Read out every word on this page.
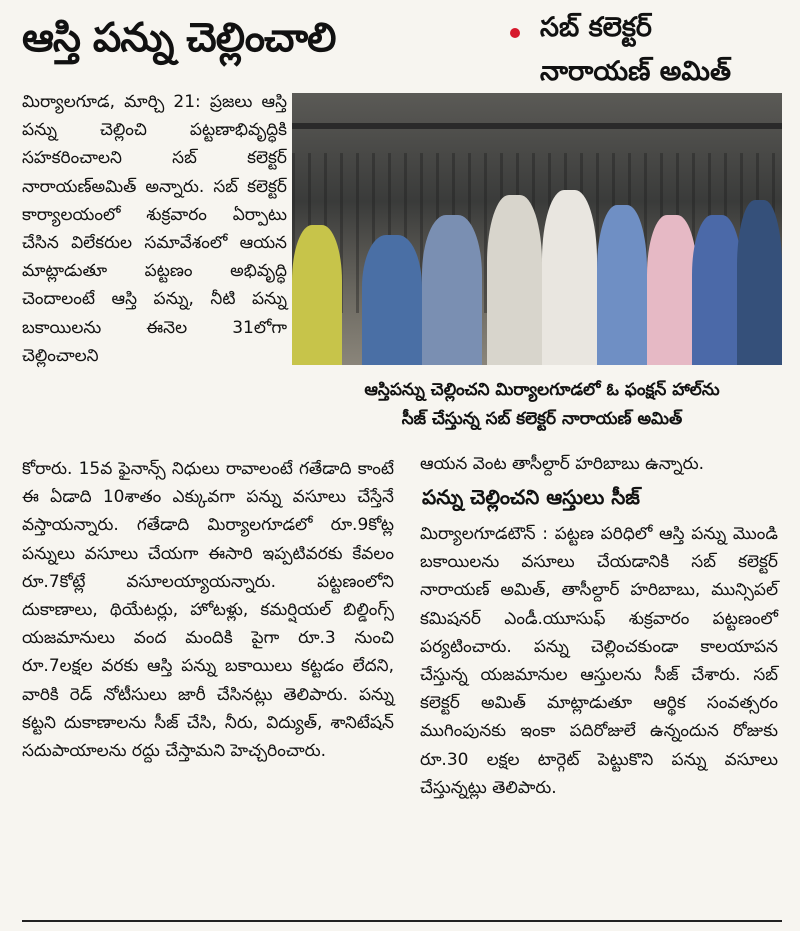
ఆస్తి పన్ను చెల్లించాలి	సబ్ కలెక్టర్
నారాయణ్ అమిత్

మిర్యాలగూడ, మార్చి 21: ప్రజలు ఆస్తి పన్ను చెల్లించి పట్టణాభివృద్ధికి సహకరించాలని సబ్ కలెక్టర్ నారాయణ్‌అమిత్ అన్నారు. సబ్ కలెక్టర్ కార్యాలయంలో శుక్రవారం ఏర్పాటు చేసిన విలేకరుల సమావేశంలో ఆయన మాట్లాడుతూ పట్టణం అభివృద్ధి చెందాలంటే ఆస్తి పన్ను, నీటి పన్ను బకాయిలను ఈనెల 31లోగా చెల్లించాలని

ఆస్తిపన్ను చెల్లించని మిర్యాలగూడలో ఓ ఫంక్షన్ హాల్‌ను
సీజ్ చేస్తున్న సబ్ కలెక్టర్ నారాయణ్ అమిత్

కోరారు. 15వ ఫైనాన్స్ నిధులు రావాలంటే గతేడాది కాంటే ఈ ఏడాది 10శాతం ఎక్కువగా పన్ను వసూలు చేస్తేనే వస్తాయన్నారు. గతేడాది మిర్యాలగూడలో రూ.9కోట్ల పన్నులు వసూలు చేయగా ఈసారి ఇప్పటివరకు కేవలం రూ.7కోట్లే వసూలయ్యాయన్నారు. పట్టణంలోని దుకాణాలు, థియేటర్లు, హోటళ్లు, కమర్షియల్ బిల్డింగ్స్ యజమానులు వంద మందికి పైగా రూ.3 నుంచి రూ.7లక్షల వరకు ఆస్తి పన్ను బకాయిలు కట్టడం లేదని, వారికి రెడ్ నోటీసులు జారీ చేసినట్లు తెలిపారు. పన్ను కట్టని దుకాణాలను సీజ్ చేసి, నీరు, విద్యుత్, శానిటేషన్ సదుపాయాలను రద్దు చేస్తామని హెచ్చరించారు.

ఆయన వెంట తాసీల్దార్ హరిబాబు ఉన్నారు.

పన్ను చెల్లించని ఆస్తులు సీజ్

మిర్యాలగూడటౌన్ : పట్టణ పరిధిలో ఆస్తి పన్ను మొండి బకాయిలను వసూలు చేయడానికి సబ్ కలెక్టర్ నారాయణ్ అమిత్, తాసీల్దార్ హరిబాబు, మున్సిపల్ కమిషనర్ ఎండీ.యూసుఫ్ శుక్రవారం పట్టణంలో పర్యటించారు. పన్ను చెల్లించకుండా కాలయాపన చేస్తున్న యజమానుల ఆస్తులను సీజ్ చేశారు. సబ్ కలెక్టర్ అమిత్ మాట్లాడుతూ ఆర్థిక సంవత్సరం ముగింపునకు ఇంకా పదిరోజులే ఉన్నందున రోజుకు రూ.30 లక్షల టార్గెట్ పెట్టుకొని పన్ను వసూలు చేస్తున్నట్లు తెలిపారు.
